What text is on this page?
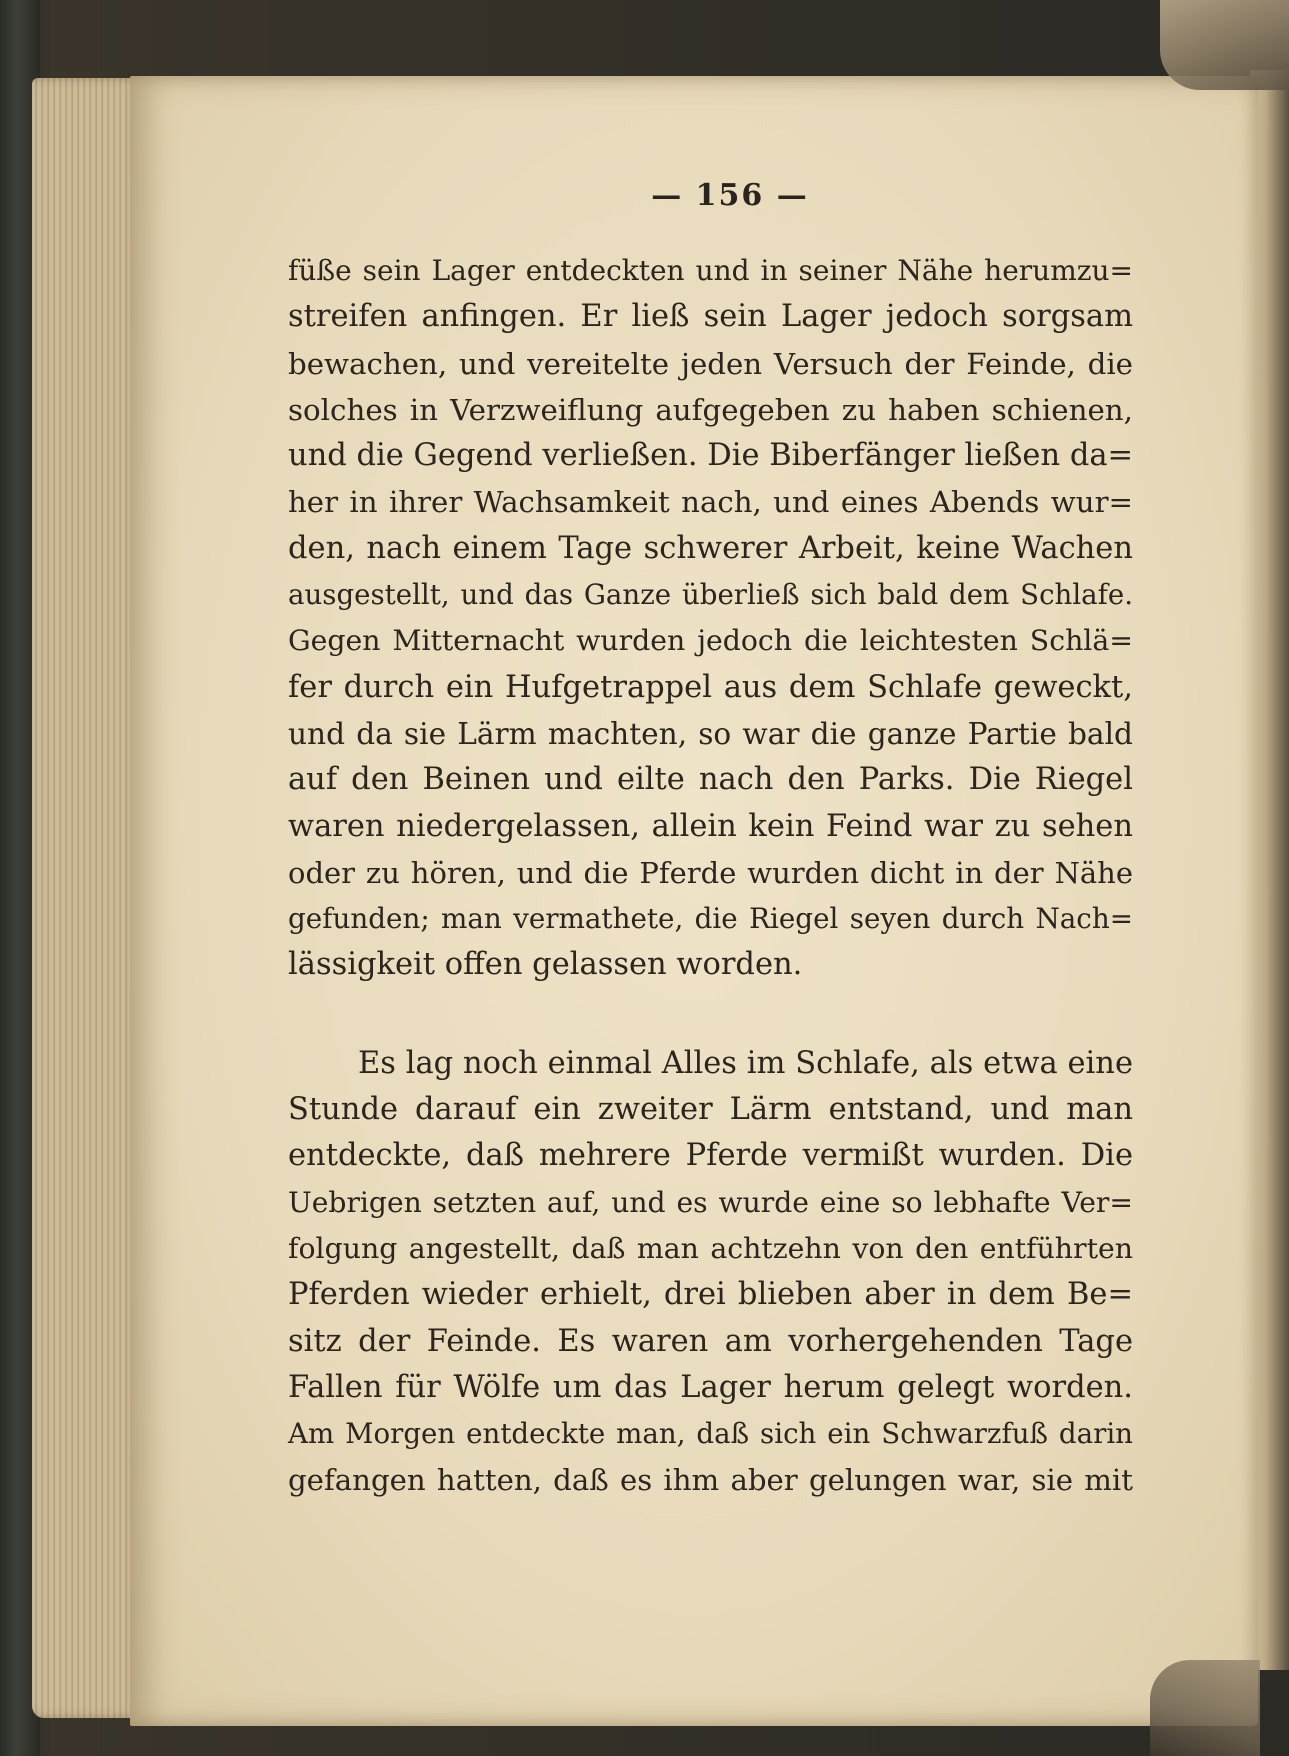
— 156 —
füße sein Lager entdeckten und in seiner Nähe herumzu=
streifen anfingen. Er ließ sein Lager jedoch sorgsam
bewachen, und vereitelte jeden Versuch der Feinde, die
solches in Verzweiflung aufgegeben zu haben schienen,
und die Gegend verließen. Die Biberfänger ließen da=
her in ihrer Wachsamkeit nach, und eines Abends wur=
den, nach einem Tage schwerer Arbeit, keine Wachen
ausgestellt, und das Ganze überließ sich bald dem Schlafe.
Gegen Mitternacht wurden jedoch die leichtesten Schlä=
fer durch ein Hufgetrappel aus dem Schlafe geweckt,
und da sie Lärm machten, so war die ganze Partie bald
auf den Beinen und eilte nach den Parks. Die Riegel
waren niedergelassen, allein kein Feind war zu sehen
oder zu hören, und die Pferde wurden dicht in der Nähe
gefunden; man vermathete, die Riegel seyen durch Nach=
lässigkeit offen gelassen worden.
Es lag noch einmal Alles im Schlafe, als etwa eine
Stunde darauf ein zweiter Lärm entstand, und man
entdeckte, daß mehrere Pferde vermißt wurden. Die
Uebrigen setzten auf, und es wurde eine so lebhafte Ver=
folgung angestellt, daß man achtzehn von den entführten
Pferden wieder erhielt, drei blieben aber in dem Be=
sitz der Feinde. Es waren am vorhergehenden Tage
Fallen für Wölfe um das Lager herum gelegt worden.
Am Morgen entdeckte man, daß sich ein Schwarzfuß darin
gefangen hatten, daß es ihm aber gelungen war, sie mit
